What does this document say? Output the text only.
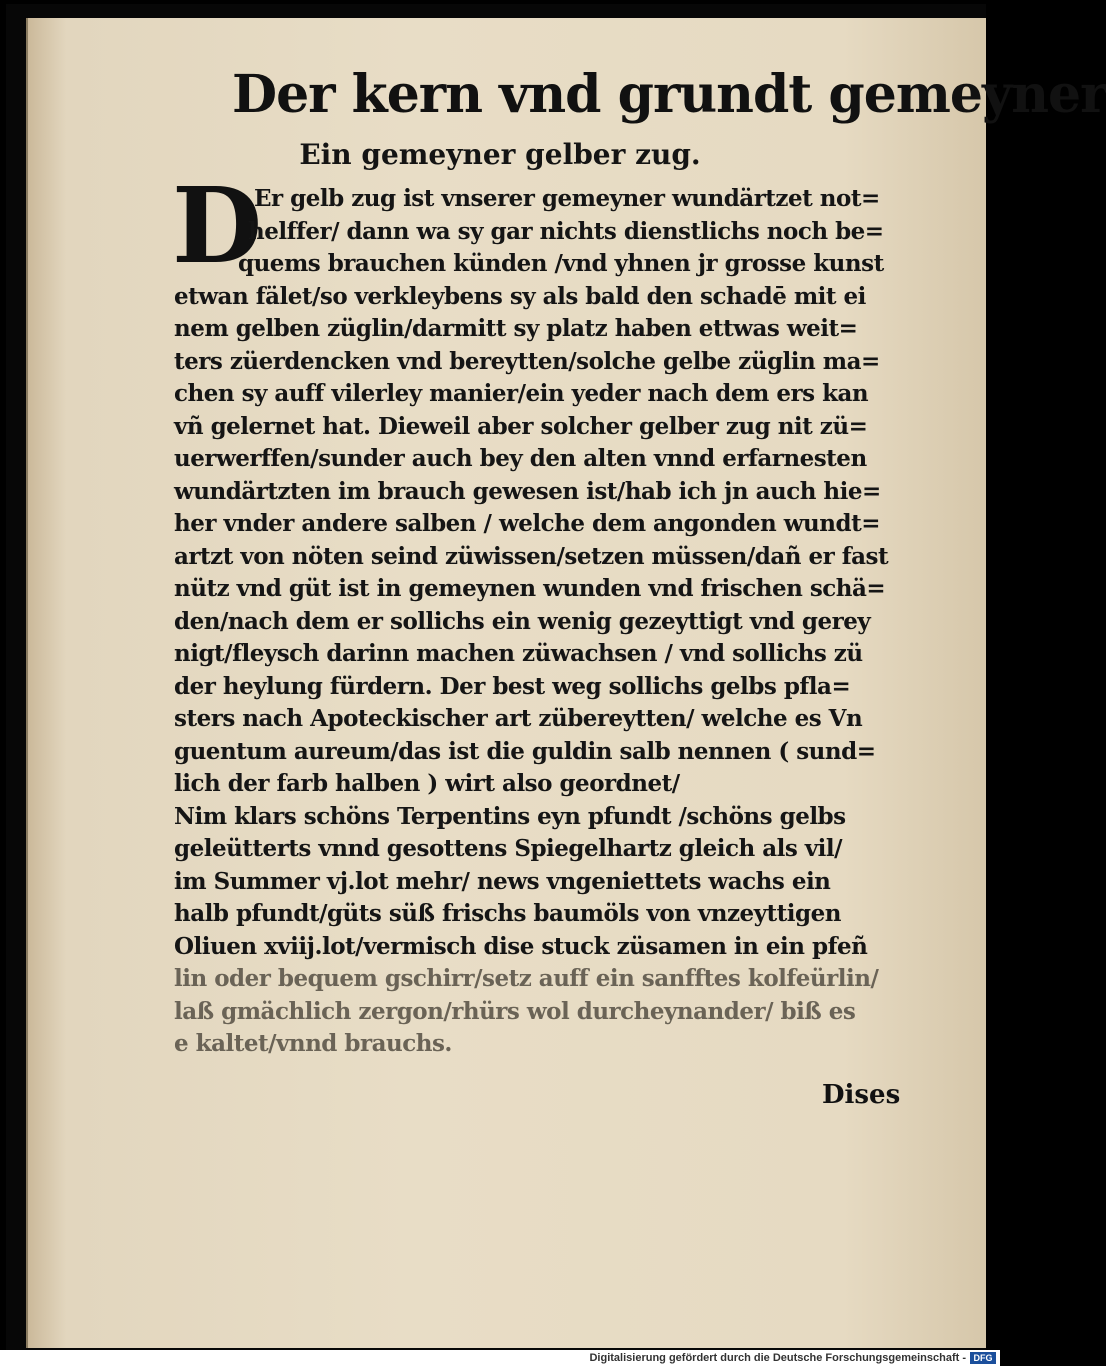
Der kern vnd grundt gemeyner
Ein gemeyner gelber zug.
D
Er gelb zug ist vnserer gemeyner wundärtzet not=
helffer/ dann wa sy gar nichts dienstlichs noch be=
quems brauchen künden /vnd yhnen jr grosse kunst
etwan fälet/so verkleybens sy als bald den schadē mit ei
nem gelben züglin/darmitt sy platz haben ettwas weit=
ters züerdencken vnd bereytten/solche gelbe züglin ma=
chen sy auff vilerley manier/ein yeder nach dem ers kan
vñ gelernet hat. Dieweil aber solcher gelber zug nit zü=
uerwerffen/sunder auch bey den alten vnnd erfarnesten
wundärtzten im brauch gewesen ist/hab ich jn auch hie=
her vnder andere salben / welche dem angonden wundt=
artzt von nöten seind züwissen/setzen müssen/dañ er fast
nütz vnd güt ist in gemeynen wunden vnd frischen schä=
den/nach dem er sollichs ein wenig gezeyttigt vnd gerey
nigt/fleysch darinn machen züwachsen / vnd sollichs zü
der heylung fürdern. Der best weg sollichs gelbs pfla=
sters nach Apoteckischer art zübereytten/ welche es Vn
guentum aureum/das ist die guldin salb nennen ( sund=
lich der farb halben ) wirt also geordnet/
Nim klars schöns Terpentins eyn pfundt /schöns gelbs
geleütterts vnnd gesottens Spiegelhartz gleich als vil/
im Summer vj.lot mehr/ news vngeniettets wachs ein
halb pfundt/güts süß frischs baumöls von vnzeyttigen
Oliuen xviij.lot/vermisch dise stuck züsamen in ein pfeñ
lin oder bequem gschirr/setz auff ein sanfftes kolfeürlin/
laß gmächlich zergon/rhürs wol durcheynander/ biß es
e kaltet/vnnd brauchs.
Dises
Digitalisierung gefördert durch die Deutsche Forschungsgemeinschaft - DFG
